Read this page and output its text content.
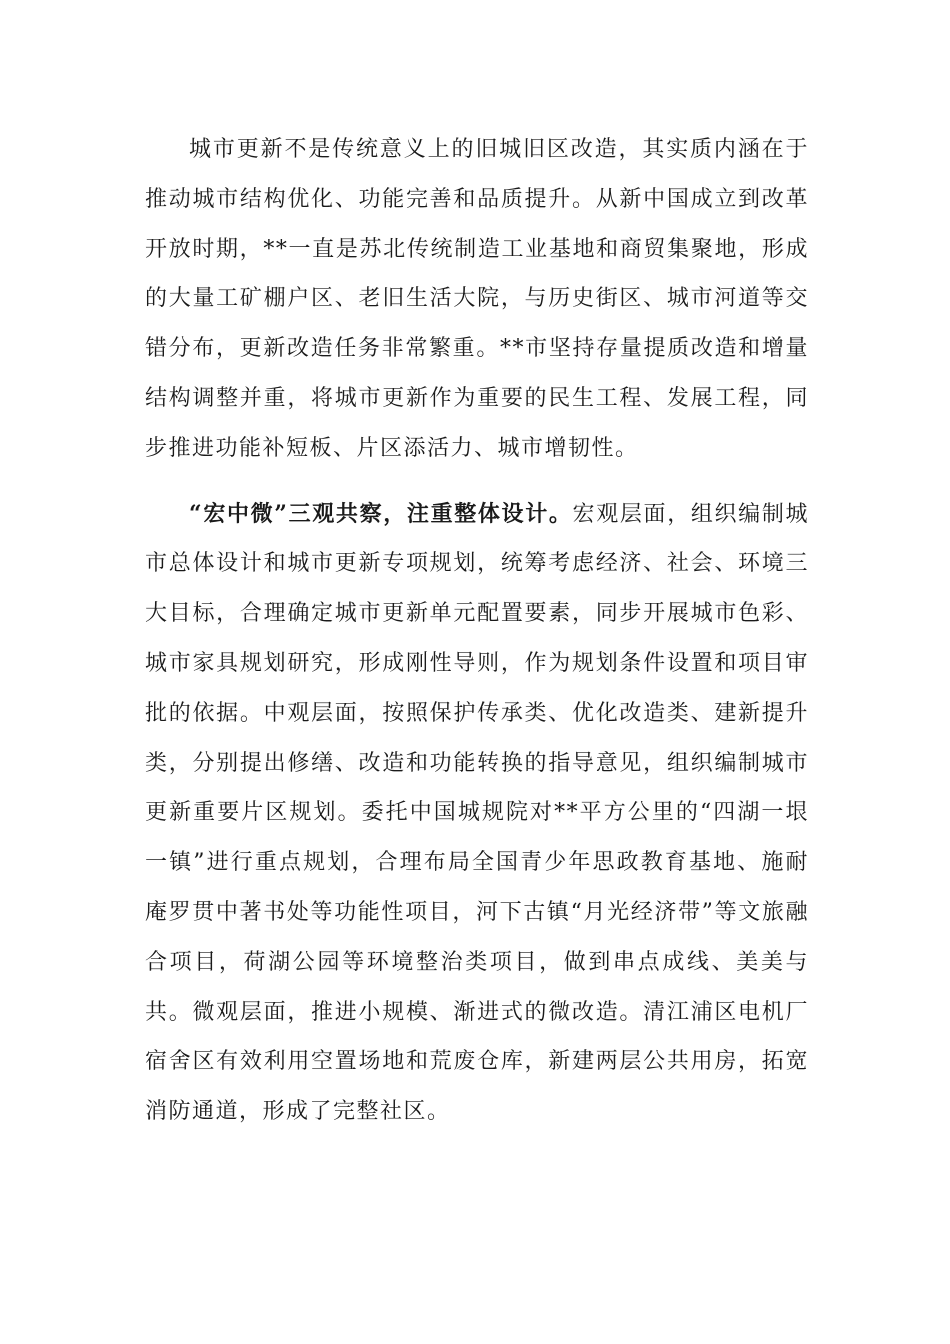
城市更新不是传统意义上的旧城旧区改造，其实质内涵在于推动城市结构优化、功能完善和品质提升。从新中国成立到改革开放时期，**一直是苏北传统制造工业基地和商贸集聚地，形成的大量工矿棚户区、老旧生活大院，与历史街区、城市河道等交错分布，更新改造任务非常繁重。**市坚持存量提质改造和增量结构调整并重，将城市更新作为重要的民生工程、发展工程，同步推进功能补短板、片区添活力、城市增韧性。

“宏中微”三观共察，注重整体设计。宏观层面，组织编制城市总体设计和城市更新专项规划，统筹考虑经济、社会、环境三大目标，合理确定城市更新单元配置要素，同步开展城市色彩、城市家具规划研究，形成刚性导则，作为规划条件设置和项目审批的依据。中观层面，按照保护传承类、优化改造类、建新提升类，分别提出修缮、改造和功能转换的指导意见，组织编制城市更新重要片区规划。委托中国城规院对**平方公里的“四湖一垠一镇”进行重点规划，合理布局全国青少年思政教育基地、施耐庵罗贯中著书处等功能性项目，河下古镇“月光经济带”等文旅融合项目，荷湖公园等环境整治类项目，做到串点成线、美美与共。微观层面，推进小规模、渐进式的微改造。清江浦区电机厂宿舍区有效利用空置场地和荒废仓库，新建两层公共用房，拓宽消防通道，形成了完整社区。
